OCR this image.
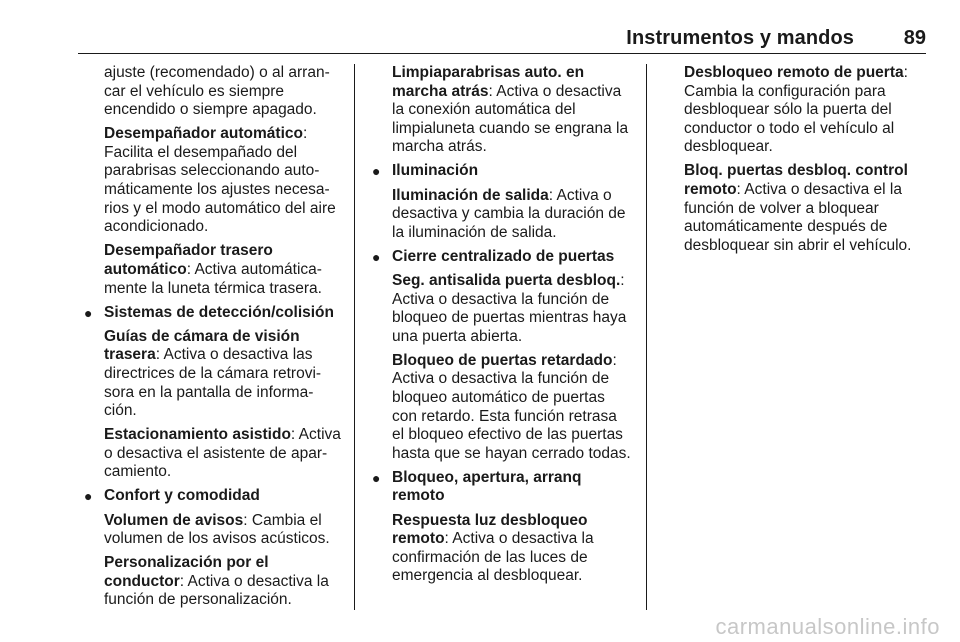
Instrumentos y mandos 89

ajuste (recomendado) o al arran-car el vehículo es siempre encendido o siempre apagado.

Desempañador automático: Facilita el desempañado del parabrisas seleccionando auto-máticamente los ajustes necesa-rios y el modo automático del aire acondicionado.

Desempañador trasero automático: Activa automática-mente la luneta térmica trasera.

● Sistemas de detección/colisión

Guías de cámara de visión trasera: Activa o desactiva las directrices de la cámara retrovi-sora en la pantalla de informa-ción.

Estacionamiento asistido: Activa o desactiva el asistente de apar-camiento.

● Confort y comodidad

Volumen de avisos: Cambia el volumen de los avisos acústicos.

Personalización por el conductor: Activa o desactiva la función de personalización.

Limpiaparabrisas auto. en marcha atrás: Activa o desactiva la conexión automática del limpialuneta cuando se engrana la marcha atrás.

● Iluminación

Iluminación de salida: Activa o desactiva y cambia la duración de la iluminación de salida.

● Cierre centralizado de puertas

Seg. antisalida puerta desbloq.: Activa o desactiva la función de bloqueo de puertas mientras haya una puerta abierta.

Bloqueo de puertas retardado: Activa o desactiva la función de bloqueo automático de puertas con retardo. Esta función retrasa el bloqueo efectivo de las puertas hasta que se hayan cerrado todas.

● Bloqueo, apertura, arranq remoto

Respuesta luz desbloqueo remoto: Activa o desactiva la confirmación de las luces de emergencia al desbloquear.

Desbloqueo remoto de puerta: Cambia la configuración para desbloquear sólo la puerta del conductor o todo el vehículo al desbloquear.

Bloq. puertas desbloq. control remoto: Activa o desactiva el la función de volver a bloquear automáticamente después de desbloquear sin abrir el vehículo.

carmanualsonline.info
